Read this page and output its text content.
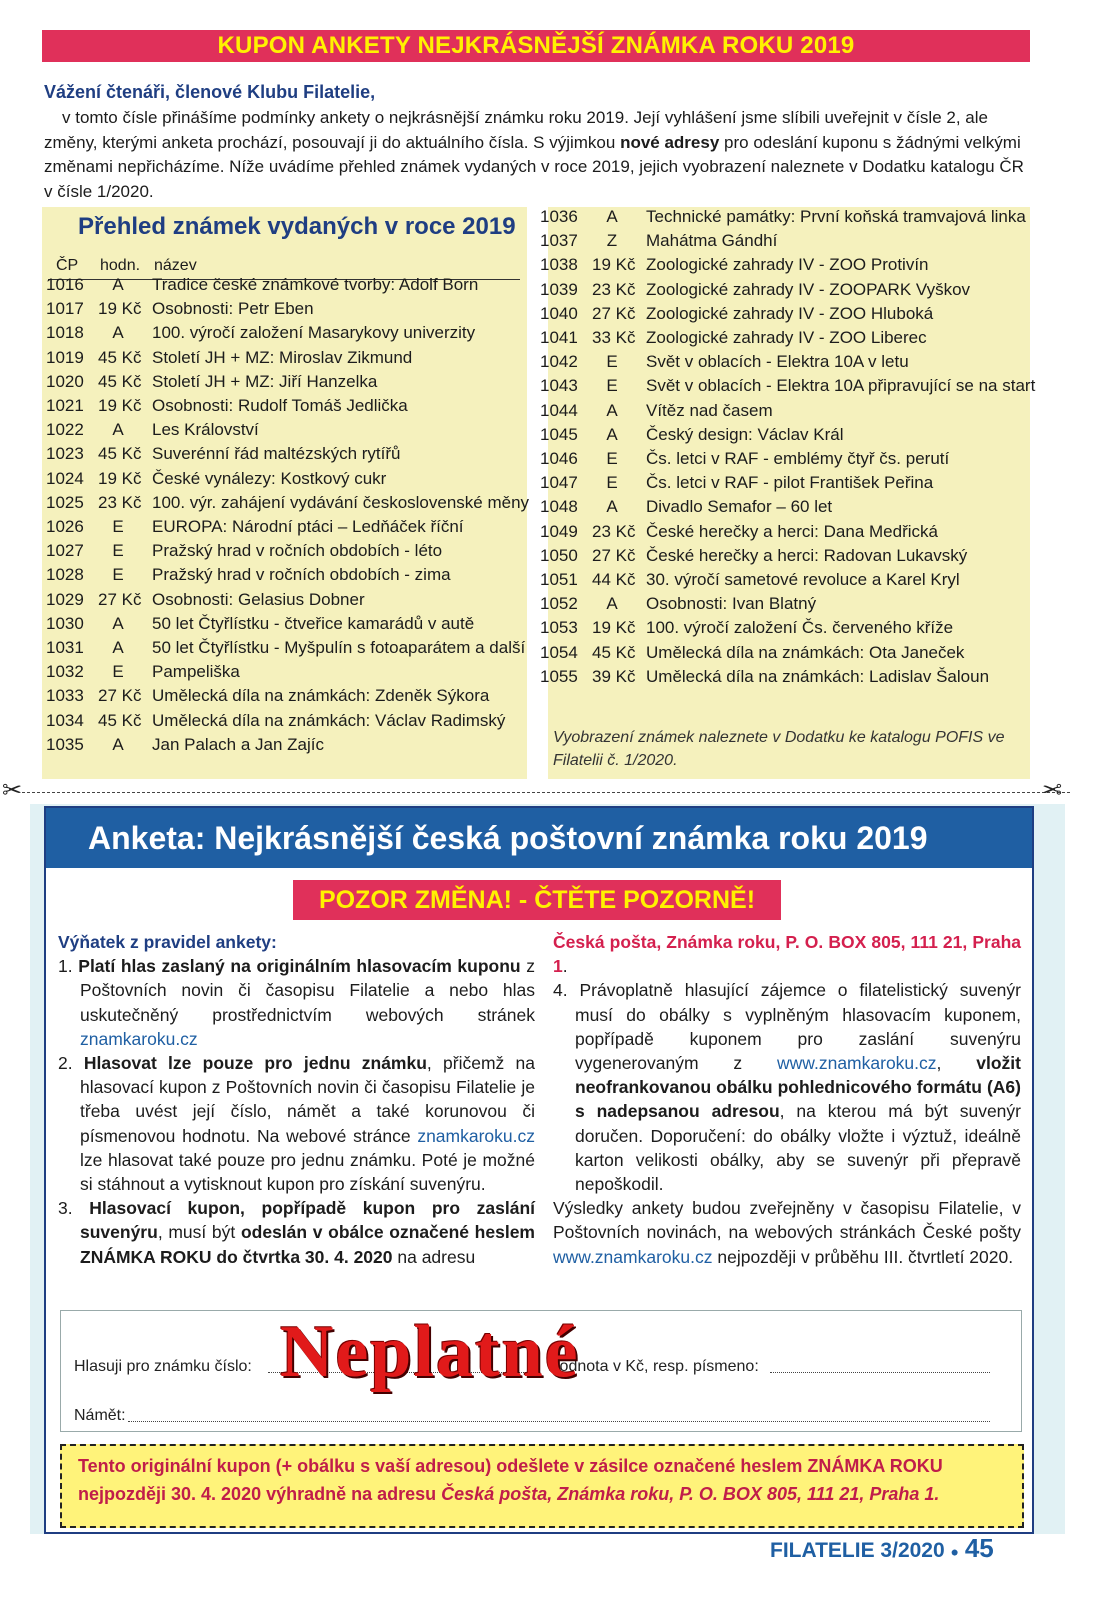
KUPON ANKETY NEJKRÁSNĚJŠÍ ZNÁMKA ROKU 2019
Vážení čtenáři, členové Klubu Filatelie,

v tomto čísle přinášíme podmínky ankety o nejkrásnější známku roku 2019. Její vyhlášení jsme slíbili uveřejnit v čísle 2, ale změny, kterými anketa prochází, posouvají ji do aktuálního čísla. S výjimkou nové adresy pro odeslání kuponu s žádnými velkými změnami nepřicházíme. Níže uvádíme přehled známek vydaných v roce 2019, jejich vyobrazení naleznete v Dodatku katalogu ČR v čísle 1/2020.

Přehled známek vydaných v roce 2019
ČP hodn. název
1016	A	Tradice české známkové tvorby: Adolf Born
1017 19 Kč Osobnosti: Petr Eben
1018	A	100. výročí založení Masarykovy univerzity
1019 45 Kč Století JH + MZ: Miroslav Zikmund
1020 45 Kč Století JH + MZ: Jiří Hanzelka
1021 19 Kč Osobnosti: Rudolf Tomáš Jedlička
1022	A	Les Království
1023 45 Kč Suverénní řád maltézských rytířů
1024 19 Kč České vynálezy: Kostkový cukr
1025 23 Kč 100. výr. zahájení vydávání československé měny
1026	E	EUROPA: Národní ptáci – Ledňáček říční
1027	E	Pražský hrad v ročních obdobích - léto
1028	E	Pražský hrad v ročních obdobích - zima
1029 27 Kč Osobnosti: Gelasius Dobner
1030	A	50 let Čtyřlístku - čtveřice kamarádů v autě
1031	A	50 let Čtyřlístku - Myšpulín s fotoaparátem a další
1032	E	Pampeliška
1033 27 Kč Umělecká díla na známkách: Zdeněk Sýkora
1034 45 Kč Umělecká díla na známkách: Václav Radimský
1035	A	Jan Palach a Jan Zajíc
1036	A	Technické památky: První koňská tramvajová linka
1037	Z	Mahátma Gándhí
1038 19 Kč Zoologické zahrady IV - ZOO Protivín
1039 23 Kč Zoologické zahrady IV - ZOOPARK Vyškov
1040 27 Kč Zoologické zahrady IV - ZOO Hluboká
1041 33 Kč Zoologické zahrady IV - ZOO Liberec
1042	E	Svět v oblacích - Elektra 10A v letu
1043	E	Svět v oblacích - Elektra 10A připravující se na start
1044	A	Vítěz nad časem
1045	A	Český design: Václav Král
1046	E	Čs. letci v RAF - emblémy čtyř čs. perutí
1047	E	Čs. letci v RAF - pilot František Peřina
1048	A	Divadlo Semafor – 60 let
1049 23 Kč České herečky a herci: Dana Medřická
1050 27 Kč České herečky a herci: Radovan Lukavský
1051 44 Kč 30. výročí sametové revoluce a Karel Kryl
1052	A	Osobnosti: Ivan Blatný
1053 19 Kč 100. výročí založení Čs. červeného kříže
1054 45 Kč Umělecká díla na známkách: Ota Janeček
1055 39 Kč Umělecká díla na známkách: Ladislav Šaloun
Vyobrazení známek naleznete v Dodatku ke katalogu POFIS ve Filatelii č. 1/2020.
✂	✂
Anketa: Nejkrásnější česká poštovní známka roku 2019
POZOR ZMĚNA! - ČTĚTE POZORNĚ!

Výňatek z pravidel ankety:

1. Platí hlas zaslaný na originálním hlasovacím kuponu z Poštovních novin či časopisu Filatelie a nebo hlas uskutečněný prostřednictvím webových stránek znamkaroku.cz

2. Hlasovat lze pouze pro jednu známku, přičemž na hlasovací kupon z Poštovních novin či časopisu Filatelie je třeba uvést její číslo, námět a také korunovou či písmenovou hodnotu. Na webové stránce znamkaroku.cz lze hlasovat také pouze pro jednu známku. Poté je možné si stáhnout a vytisknout kupon pro získání suvenýru.

3. Hlasovací kupon, popřípadě kupon pro zaslání suvenýru, musí být odeslán v obálce označené heslem ZNÁMKA ROKU do čtvrtka 30. 4. 2020 na adresu

Česká pošta, Známka roku, P. O. BOX 805, 111 21, Praha 1.

4. Právoplatně hlasující zájemce o filatelistický suvenýr musí do obálky s vyplněným hlasovacím kuponem, popřípadě kuponem pro zaslání suvenýru vygenerovaným z www.znamkaroku.cz, vložit neofrankovanou obálku pohlednicového formátu (A6) s nadepsanou adresou, na kterou má být suvenýr doručen. Doporučení: do obálky vložte i výztuž, ideálně karton velikosti obálky, aby se suvenýr při přepravě nepoškodil.

Výsledky ankety budou zveřejněny v časopisu Filatelie, v Poštovních novinách, na webových stránkách České pošty www.znamkaroku.cz nejpozději v průběhu III. čtvrtletí 2020.

Hlasuji pro známku číslo:	Hodnota v Kč, resp. písmeno:
Námět:
Neplatné
Tento originální kupon (+ obálku s vaší adresou) odešlete v zásilce označené heslem ZNÁMKA ROKU nejpozději 30. 4. 2020 výhradně na adresu Česká pošta, Známka roku, P. O. BOX 805, 111 21, Praha 1.
FILATELIE 3/2020 ● 45
